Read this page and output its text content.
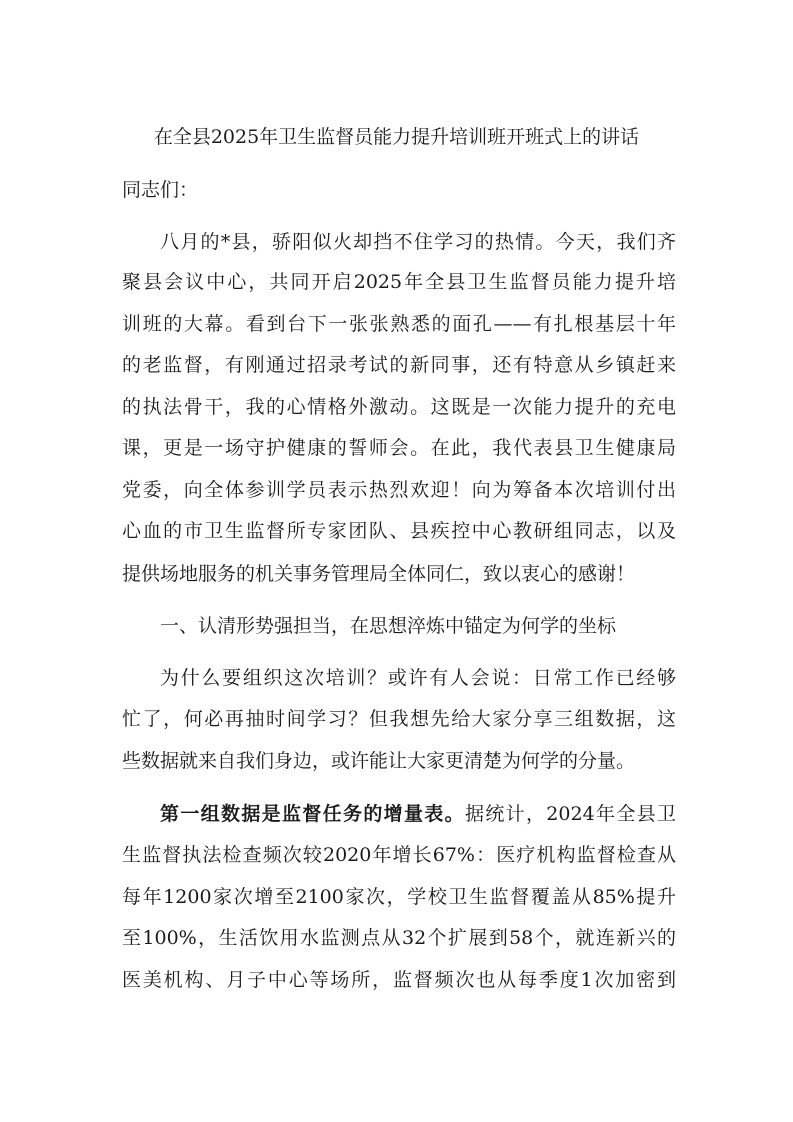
在全县2025年卫生监督员能力提升培训班开班式上的讲话
同志们：
八月的*县，骄阳似火却挡不住学习的热情。今天，我们齐
聚县会议中心，共同开启2025年全县卫生监督员能力提升培
训班的大幕。看到台下一张张熟悉的面孔——有扎根基层十年
的老监督，有刚通过招录考试的新同事，还有特意从乡镇赶来
的执法骨干，我的心情格外激动。这既是一次能力提升的充电
课，更是一场守护健康的誓师会。在此，我代表县卫生健康局
党委，向全体参训学员表示热烈欢迎！向为筹备本次培训付出
心血的市卫生监督所专家团队、县疾控中心教研组同志，以及
提供场地服务的机关事务管理局全体同仁，致以衷心的感谢！
一、认清形势强担当，在思想淬炼中锚定为何学的坐标
为什么要组织这次培训？或许有人会说：日常工作已经够
忙了，何必再抽时间学习？但我想先给大家分享三组数据，这
些数据就来自我们身边，或许能让大家更清楚为何学的分量。
第一组数据是监督任务的增量表。据统计，2024年全县卫
生监督执法检查频次较2020年增长67%：医疗机构监督检查从
每年1200家次增至2100家次，学校卫生监督覆盖从85%提升
至100%，生活饮用水监测点从32个扩展到58个，就连新兴的
医美机构、月子中心等场所，监督频次也从每季度1次加密到
